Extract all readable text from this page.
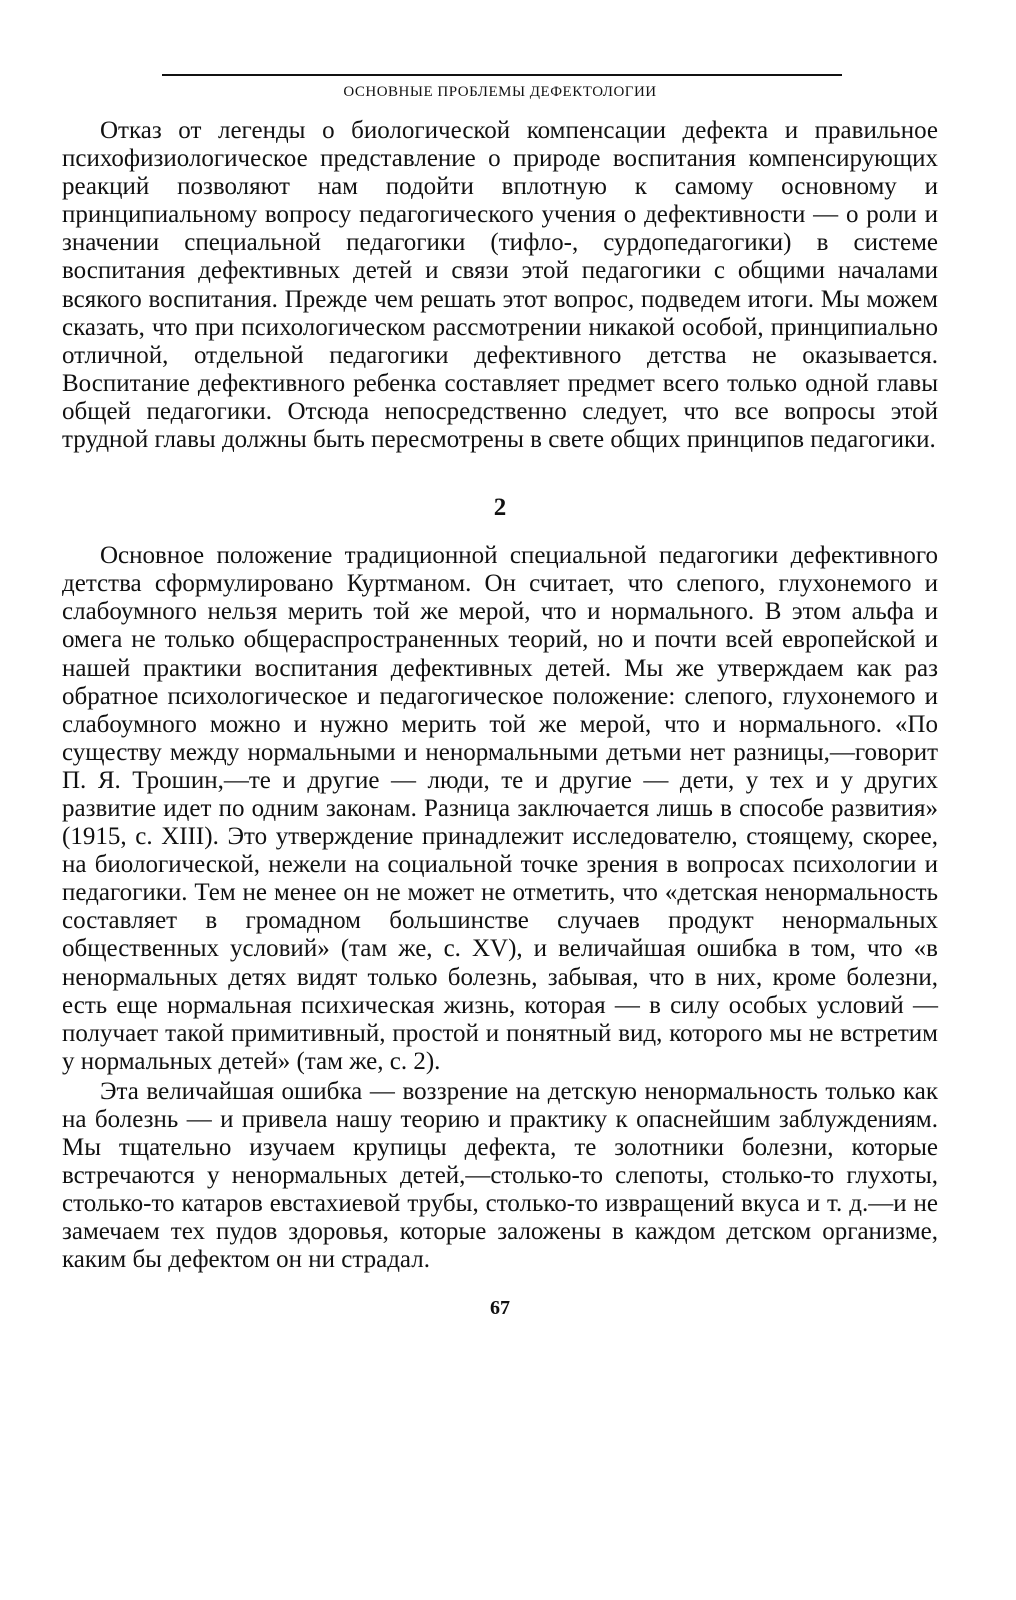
ОСНОВНЫЕ ПРОБЛЕМЫ ДЕФЕКТОЛОГИИ

Отказ от легенды о биологической компенсации дефекта и правильное психофизиологическое представление о природе воспитания компенсирующих реакций позволяют нам подойти вплотную к самому основному и принципиальному вопросу педагогического учения о дефективности — о роли и значении специальной педагогики (тифло-, сурдопедагогики) в системе воспитания дефективных детей и связи этой педагогики с общими началами всякого воспитания. Прежде чем решать этот вопрос, подведем итоги. Мы можем сказать, что при психологическом рассмотрении никакой особой, принципиально отличной, отдельной педагогики дефективного детства не оказывается. Воспитание дефективного ребенка составляет предмет всего только одной главы общей педагогики. Отсюда непосредственно следует, что все вопросы этой трудной главы должны быть пересмотрены в свете общих принципов педагогики.

2

Основное положение традиционной специальной педагогики дефективного детства сформулировано Куртманом. Он считает, что слепого, глухонемого и слабоумного нельзя мерить той же мерой, что и нормального. В этом альфа и омега не только общераспространенных теорий, но и почти всей европейской и нашей практики воспитания дефективных детей. Мы же утверждаем как раз обратное психологическое и педагогическое положение: слепого, глухонемого и слабоумного можно и нужно мерить той же мерой, что и нормального. «По существу между нормальными и ненормальными детьми нет разницы,—говорит П. Я. Трошин,—те и другие — люди, те и другие — дети, у тех и у других развитие идет по одним законам. Разница заключается лишь в способе развития» (1915, с. XIII). Это утверждение принадлежит исследователю, стоящему, скорее, на биологической, нежели на социальной точке зрения в вопросах психологии и педагогики. Тем не менее он не может не отметить, что «детская ненормальность составляет в громадном большинстве случаев продукт ненормальных общественных условий» (там же, с. XV), и величайшая ошибка в том, что «в ненормальных детях видят только болезнь, забывая, что в них, кроме болезни, есть еще нормальная психическая жизнь, которая — в силу особых условий — получает такой примитивный, простой и понятный вид, которого мы не встретим у нормальных детей» (там же, с. 2).

Эта величайшая ошибка — воззрение на детскую ненормальность только как на болезнь — и привела нашу теорию и практику к опаснейшим заблуждениям. Мы тщательно изучаем крупицы дефекта, те золотники болезни, которые встречаются у ненормальных детей,—столько-то слепоты, столько-то глухоты, столько-то катаров евстахиевой трубы, столько-то извращений вкуса и т. д.—и не замечаем тех пудов здоровья, которые заложены в каждом детском организме, каким бы дефектом он ни страдал.

67
